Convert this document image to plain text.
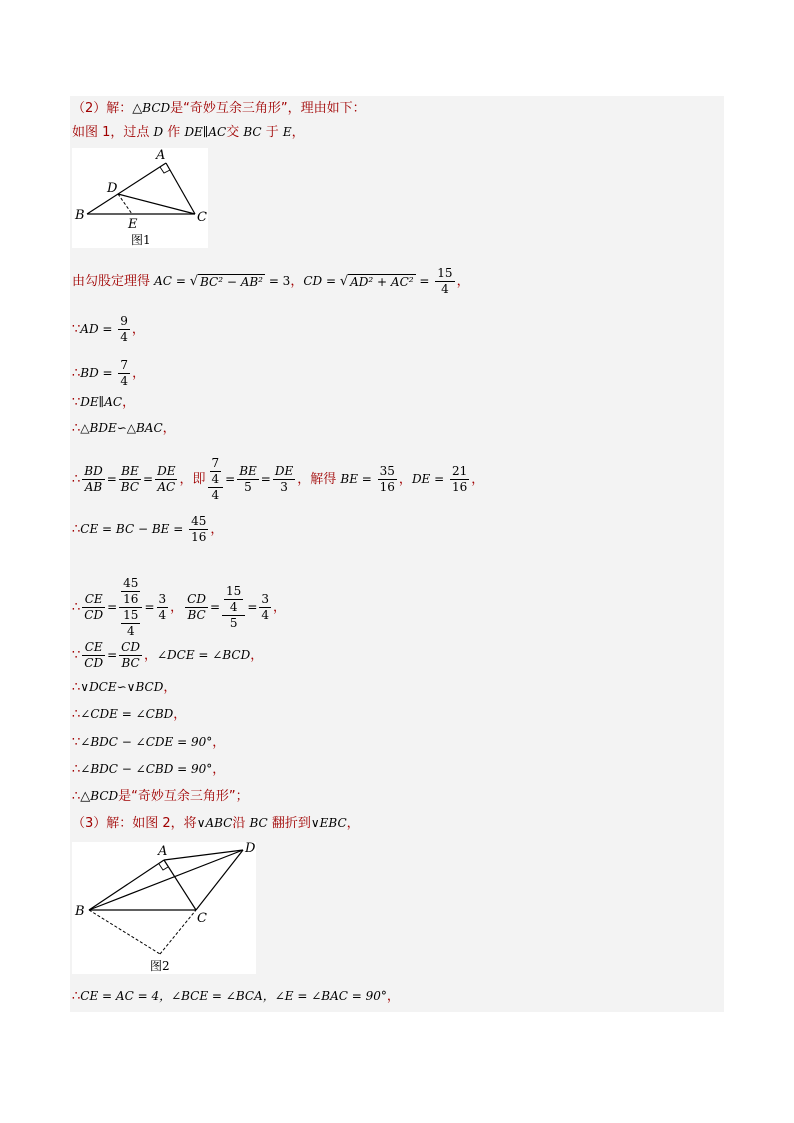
（2）解：△BCD是“奇妙互余三角形”，理由如下：
如图 1，过点 D 作 DE∥AC交 BC 于 E，
A
B	C
D
E
图1
由勾股定理得 AC = √ BC² − AB² = 3，CD = √ $AD^2 + AC^2 = \frac{15}{4}$ ，
∵AD = $\frac{9}{4}$ ，
∴BD = $\frac{7}{4}$ ，
∵DE∥AC，
∴△BDE∽△BAC，
∴ $\frac{BD}{AB} = \frac{BE}{BC} = \frac{DE}{AC}$ ，即 $\frac{\frac{7}{4}}{4} = \frac{BE}{5} = \frac{DE}{3}$ ，解得 BE = $\frac{35}{16}$ ，DE = $\frac{21}{16}$ ，
∴CE = BC − BE = $\frac{45}{16}$ ，
∴ $\frac{CE}{CD} = \frac{\frac{45}{16}}{\frac{15}{4}} = \frac{3}{4}$ ， $\frac{CD}{BC} = \frac{\frac{15}{4}}{5} = \frac{3}{4}$ ，
∵ $\frac{CE}{CD} = \frac{CD}{BC}$ ，∠DCE = ∠BCD，
∴∨DCE∽∨BCD，
∴∠CDE = ∠CBD，
∵∠BDC − ∠CDE = 90°，
∴∠BDC − ∠CBD = 90°，
∴△BCD是“奇妙互余三角形”；
（3）解：如图 2，将∨ABC沿 BC 翻折到∨EBC，
A
B	C
D
图2
∴CE = AC = 4，∠BCE = ∠BCA，∠E = ∠BAC = 90°，
